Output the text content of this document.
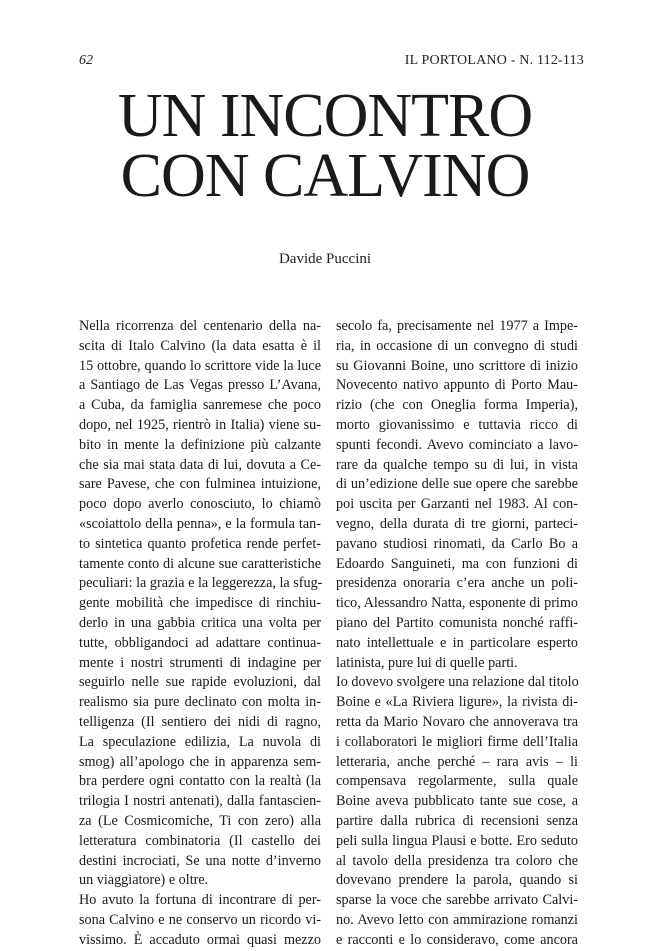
62	IL PORTOLANO - N. 112-113
UN INCONTRO
CON CALVINO
Davide Puccini
Nella ricorrenza del centenario della na-
scita di Italo Calvino (la data esatta è il
15 ottobre, quando lo scrittore vide la luce
a Santiago de Las Vegas presso L’Avana,
a Cuba, da famiglia sanremese che poco
dopo, nel 1925, rientrò in Italia) viene su-
bito in mente la definizione più calzante
che sia mai stata data di lui, dovuta a Ce-
sare Pavese, che con fulminea intuizione,
poco dopo averlo conosciuto, lo chiamò
«scoiattolo della penna», e la formula tan-
to sintetica quanto profetica rende perfet-
tamente conto di alcune sue caratteristiche
peculiari: la grazia e la leggerezza, la sfug-
gente mobilità che impedisce di rinchiu-
derlo in una gabbia critica una volta per
tutte, obbligandoci ad adattare continua-
mente i nostri strumenti di indagine per
seguirlo nelle sue rapide evoluzioni, dal
realismo sia pure declinato con molta in-
telligenza (Il sentiero dei nidi di ragno,
La speculazione edilizia, La nuvola di
smog) all’apologo che in apparenza sem-
bra perdere ogni contatto con la realtà (la
trilogia I nostri antenati), dalla fantascien-
za (Le Cosmicomiche, Ti con zero) alla
letteratura combinatoria (Il castello dei
destini incrociati, Se una notte d’inverno
un viaggiatore) e oltre.
Ho avuto la fortuna di incontrare di per-
sona Calvino e ne conservo un ricordo vi-
vissimo. È accaduto ormai quasi mezzo
secolo fa, precisamente nel 1977 a Impe-
ria, in occasione di un convegno di studi
su Giovanni Boine, uno scrittore di inizio
Novecento nativo appunto di Porto Mau-
rizio (che con Oneglia forma Imperia),
morto giovanissimo e tuttavia ricco di
spunti fecondi. Avevo cominciato a lavo-
rare da qualche tempo su di lui, in vista
di un’edizione delle sue opere che sarebbe
poi uscita per Garzanti nel 1983. Al con-
vegno, della durata di tre giorni, parteci-
pavano studiosi rinomati, da Carlo Bo a
Edoardo Sanguineti, ma con funzioni di
presidenza onoraria c’era anche un poli-
tico, Alessandro Natta, esponente di primo
piano del Partito comunista nonché raffi-
nato intellettuale e in particolare esperto
latinista, pure lui di quelle parti.
Io dovevo svolgere una relazione dal titolo
Boine e «La Riviera ligure», la rivista di-
retta da Mario Novaro che annoverava tra
i collaboratori le migliori firme dell’Italia
letteraria, anche perché – rara avis – li
compensava regolarmente, sulla quale
Boine aveva pubblicato tante sue cose, a
partire dalla rubrica di recensioni senza
peli sulla lingua Plausi e botte. Ero seduto
al tavolo della presidenza tra coloro che
dovevano prendere la parola, quando si
sparse la voce che sarebbe arrivato Calvi-
no. Avevo letto con ammirazione romanzi
e racconti e lo consideravo, come ancora
